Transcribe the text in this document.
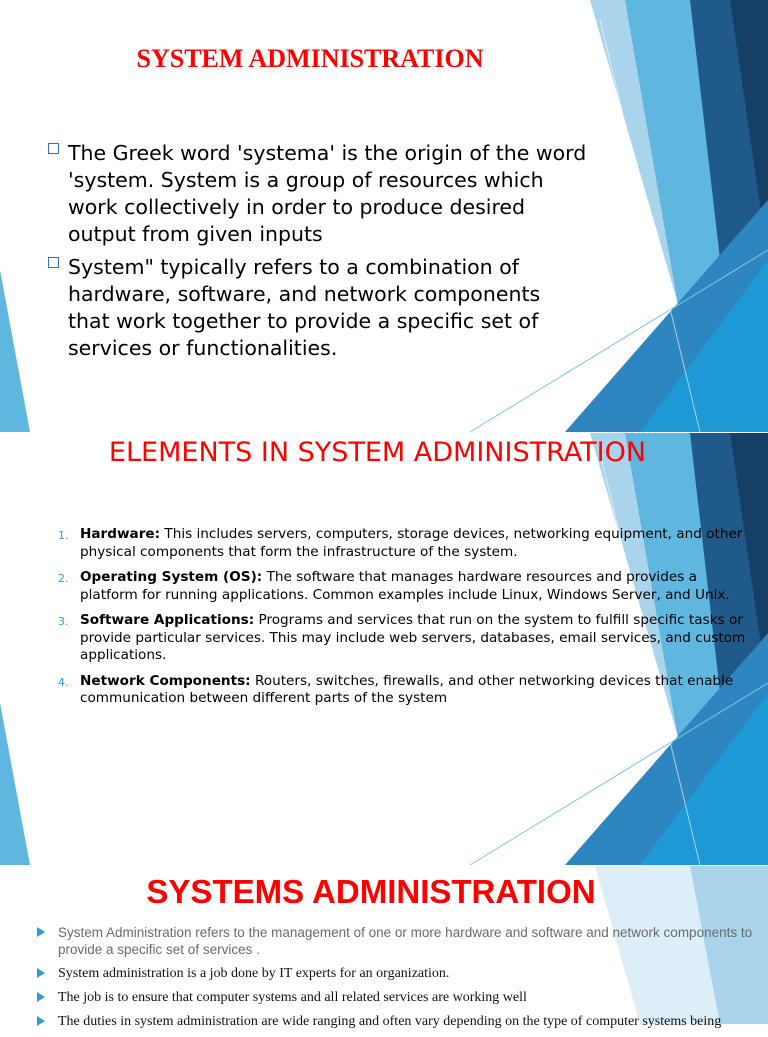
SYSTEM ADMINISTRATION
The Greek word 'systema' is the origin of the word 'system. System is a group of resources which work collectively in order to produce desired output from given inputs
System" typically refers to a combination of hardware, software, and network components that work together to provide a specific set of services or functionalities.
ELEMENTS IN SYSTEM ADMINISTRATION
1. Hardware: This includes servers, computers, storage devices, networking equipment, and other physical components that form the infrastructure of the system.
2. Operating System (OS): The software that manages hardware resources and provides a platform for running applications. Common examples include Linux, Windows Server, and Unix.
3. Software Applications: Programs and services that run on the system to fulfill specific tasks or provide particular services. This may include web servers, databases, email services, and custom applications.
4. Network Components: Routers, switches, firewalls, and other networking devices that enable communication between different parts of the system
SYSTEMS ADMINISTRATION
System Administration refers to the management of one or more hardware and software and network components to provide a specific set of services .
System administration is a job done by IT experts for an organization.
The job is to ensure that computer systems and all related services are working well
The duties in system administration are wide ranging and often vary depending on the type of computer systems being
